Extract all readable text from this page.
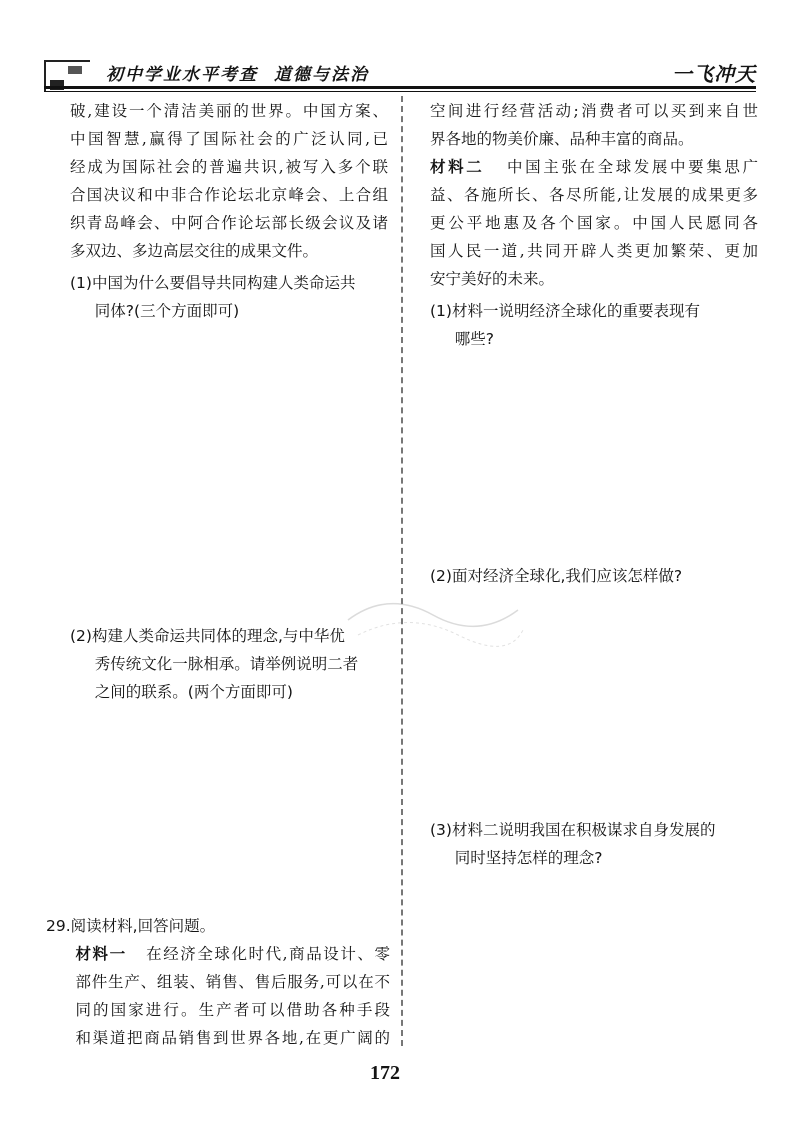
初中学业水平考查 道德与法治	一飞冲天

破,建设一个清洁美丽的世界。中国方案、

中国智慧,赢得了国际社会的广泛认同,已

经成为国际社会的普遍共识,被写入多个联

合国决议和中非合作论坛北京峰会、上合组

织青岛峰会、中阿合作论坛部长级会议及诸

多双边、多边高层交往的成果文件。

(1)中国为什么要倡导共同构建人类命运共

同体?(三个方面即可)

(2)构建人类命运共同体的理念,与中华优

秀传统文化一脉相承。请举例说明二者

之间的联系。(两个方面即可)

29.阅读材料,回答问题。

材料一 在经济全球化时代,商品设计、零

部件生产、组装、销售、售后服务,可以在不

同的国家进行。生产者可以借助各种手段

和渠道把商品销售到世界各地,在更广阔的

空间进行经营活动;消费者可以买到来自世

界各地的物美价廉、品种丰富的商品。

材料二 中国主张在全球发展中要集思广

益、各施所长、各尽所能,让发展的成果更多

更公平地惠及各个国家。中国人民愿同各

国人民一道,共同开辟人类更加繁荣、更加

安宁美好的未来。

(1)材料一说明经济全球化的重要表现有

哪些?

(2)面对经济全球化,我们应该怎样做?

(3)材料二说明我国在积极谋求自身发展的

同时坚持怎样的理念?

172
